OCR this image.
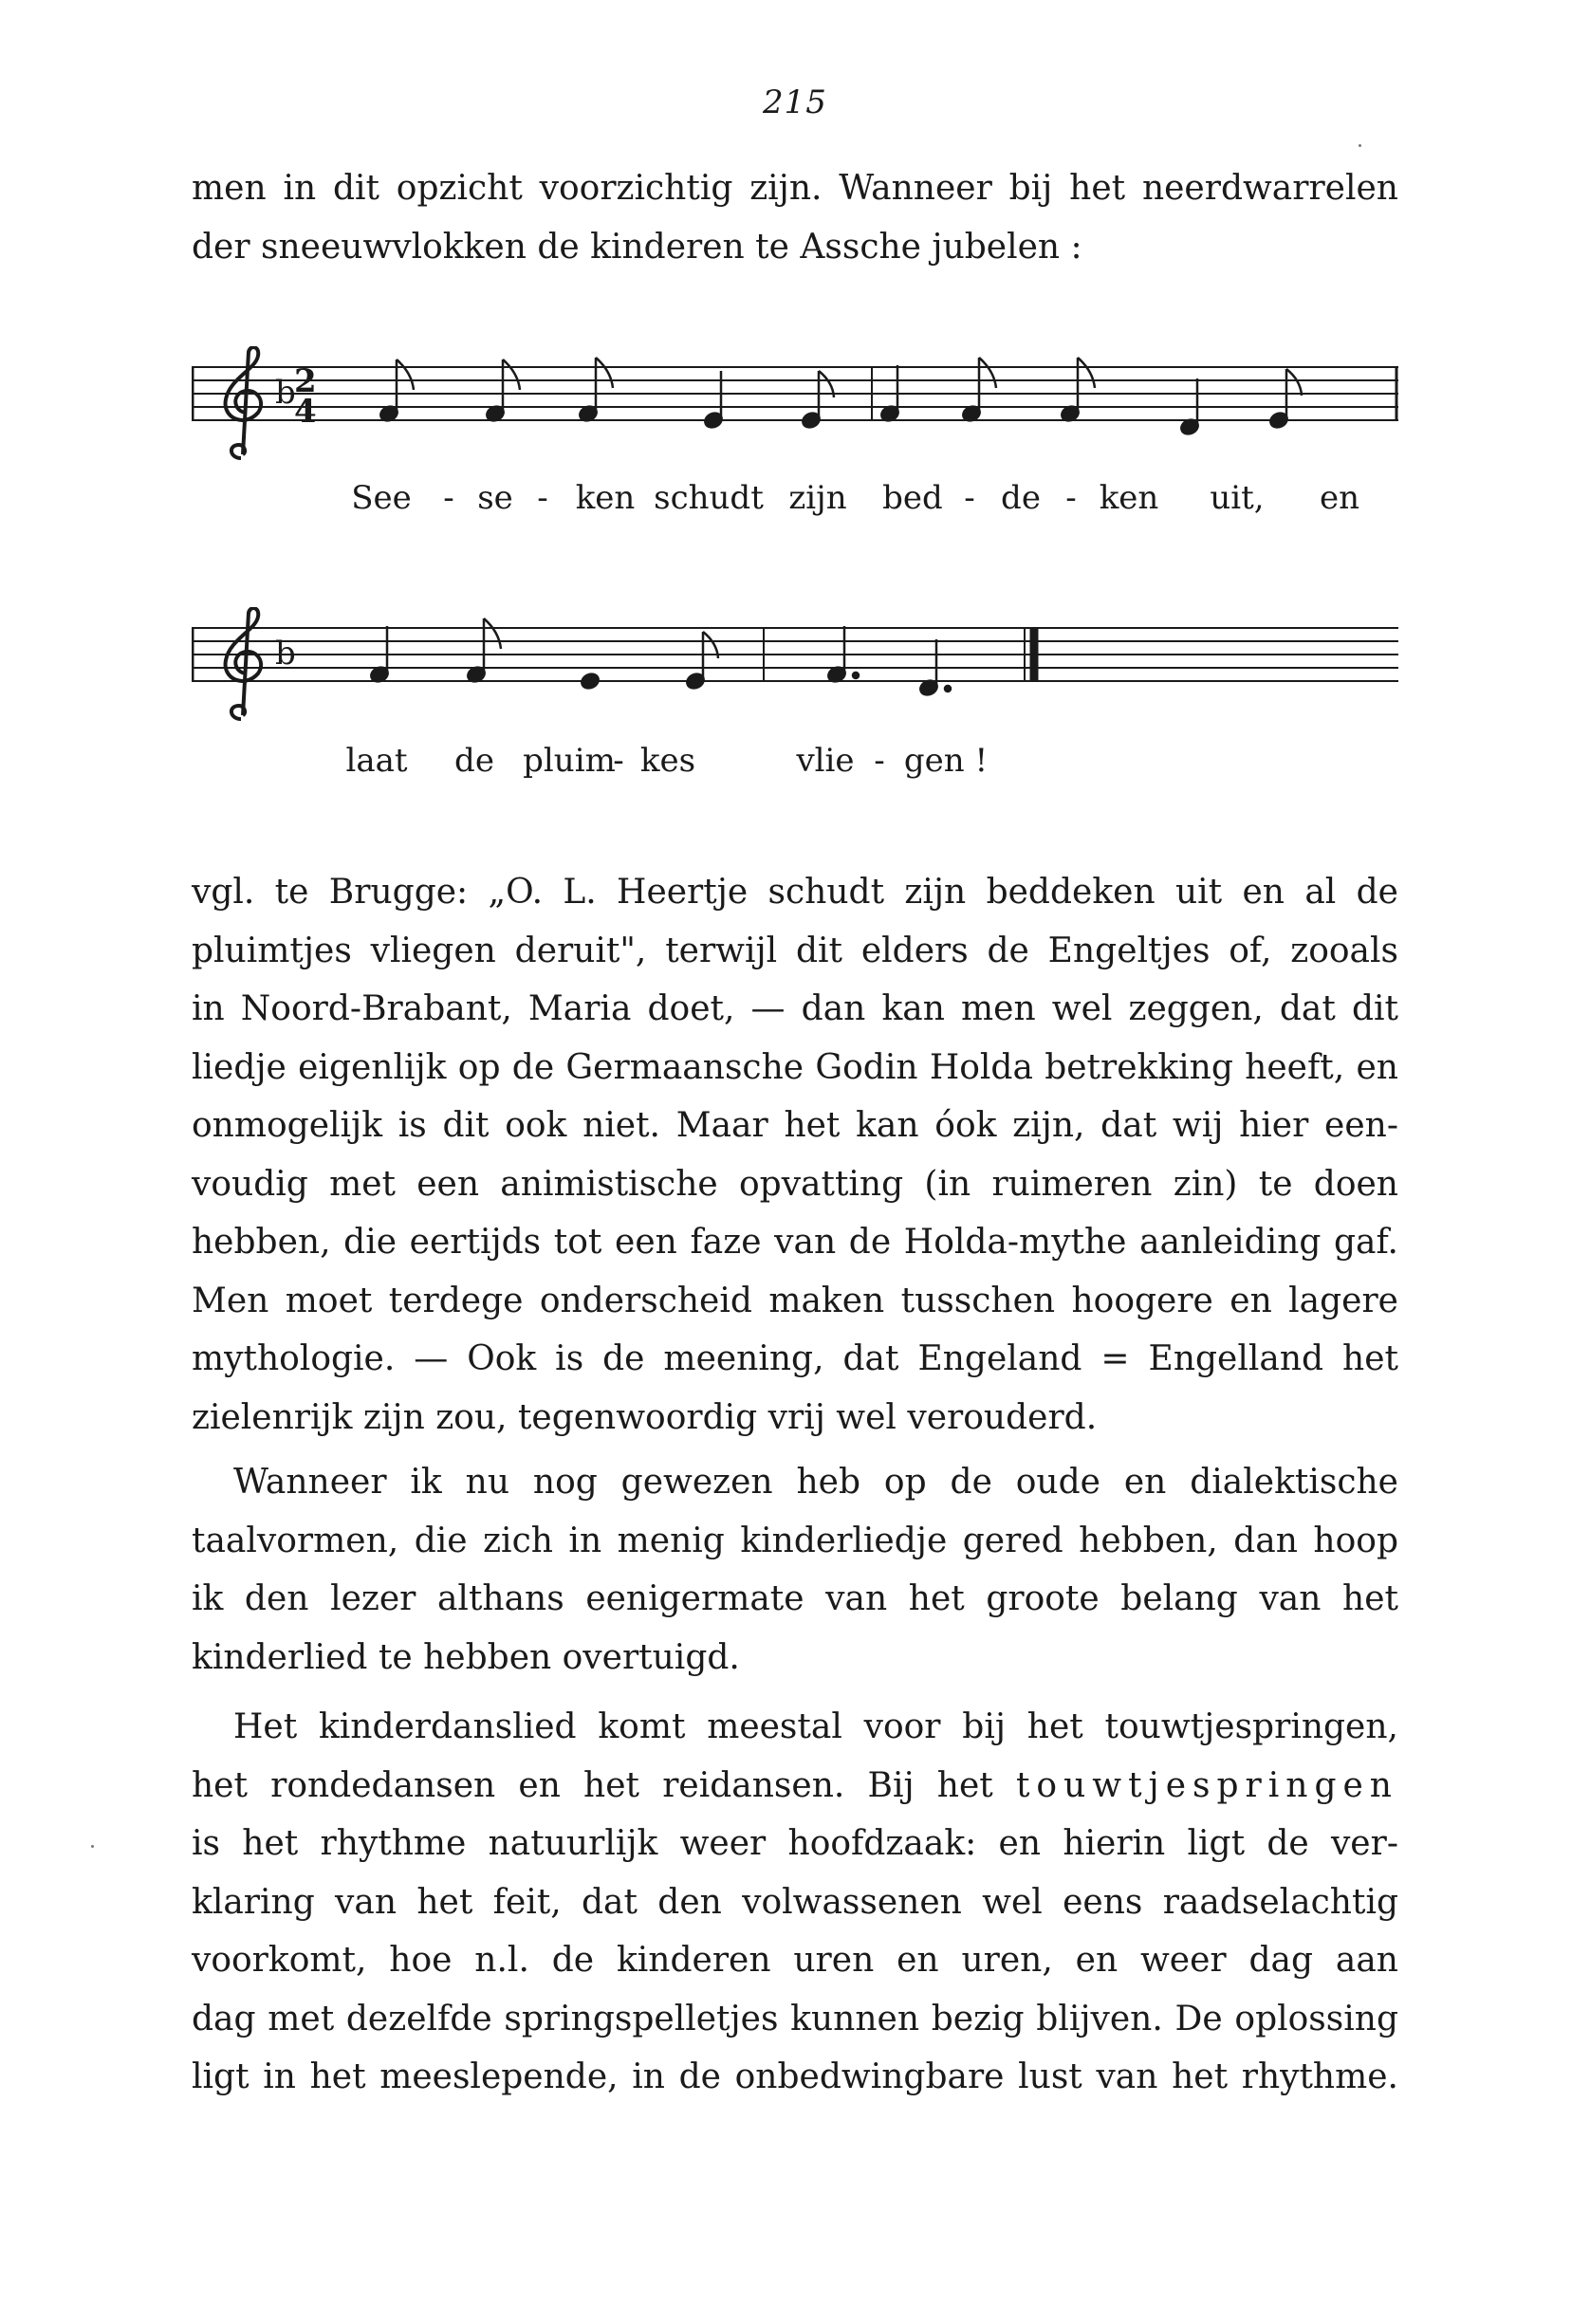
215
men in dit opzicht voorzichtig zijn. Wanneer bij het neerdwarrelen
der sneeuwvlokken de kinderen te Assche jubelen :
b
2
4
See - se - ken schudt zijn bed - de - ken uit, en
b
laat de pluim
- kes	vlie - gen !
vgl. te Brugge: „O. L. Heertje schudt zijn beddeken uit en al de
pluimtjes vliegen deruit", terwijl dit elders de Engeltjes of, zooals
in Noord-Brabant, Maria doet, — dan kan men wel zeggen, dat dit
liedje eigenlijk op de Germaansche Godin Holda betrekking heeft, en
onmogelijk is dit ook niet. Maar het kan óok zijn, dat wij hier een-
voudig met een animistische opvatting (in ruimeren zin) te doen
hebben, die eertijds tot een faze van de Holda-mythe aanleiding gaf.
Men moet terdege onderscheid maken tusschen hoogere en lagere
mythologie. — Ook is de meening, dat Engeland = Engelland het
zielenrijk zijn zou, tegenwoordig vrij wel verouderd.
Wanneer ik nu nog gewezen heb op de oude en dialektische
taalvormen, die zich in menig kinderliedje gered hebben, dan hoop
ik den lezer althans eenigermate van het groote belang van het
kinderlied te hebben overtuigd.
Het kinderdanslied komt meestal voor bij het touwtjespringen,
het rondedansen en het reidansen. Bij het touwtjespringen
is het rhythme natuurlijk weer hoofdzaak: en hierin ligt de ver-
klaring van het feit, dat den volwassenen wel eens raadselachtig
voorkomt, hoe n.l. de kinderen uren en uren, en weer dag aan
dag met dezelfde springspelletjes kunnen bezig blijven. De oplossing
ligt in het meeslepende, in de onbedwingbare lust van het rhythme.
